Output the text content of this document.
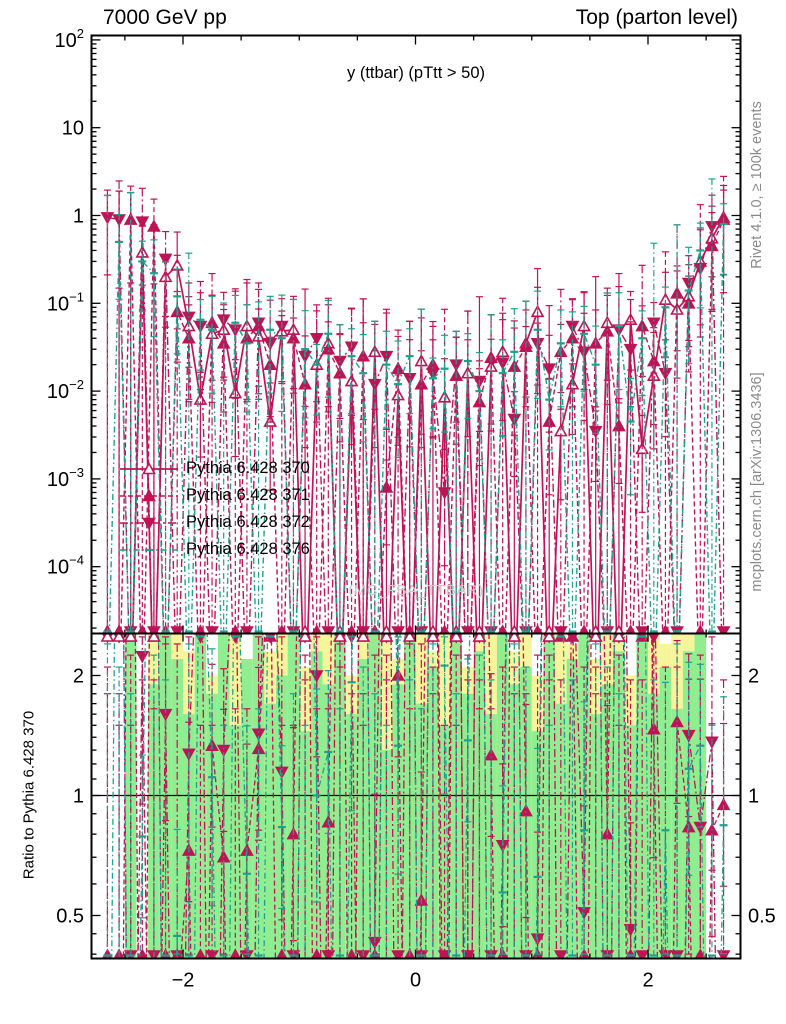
−2	0	2
$10^2$
10
1
$10^{-1}$
$10^{-2}$
$10^{-3}$
$10^{-4}$
2	2
1	1
0.5	0.5
7000 GeV pp	Top (parton level)
y (ttbar) (pTtt > 50)
(MC_FBA_TTBAR)
Pythia 6.428 370
Pythia 6.428 371
Pythia 6.428 372
Pythia 6.428 376
Rivet 4.1.0, ≥ 100k events
mcplots.cern.ch [arXiv:1306.3436]
Ratio to Pythia 6.428 370
